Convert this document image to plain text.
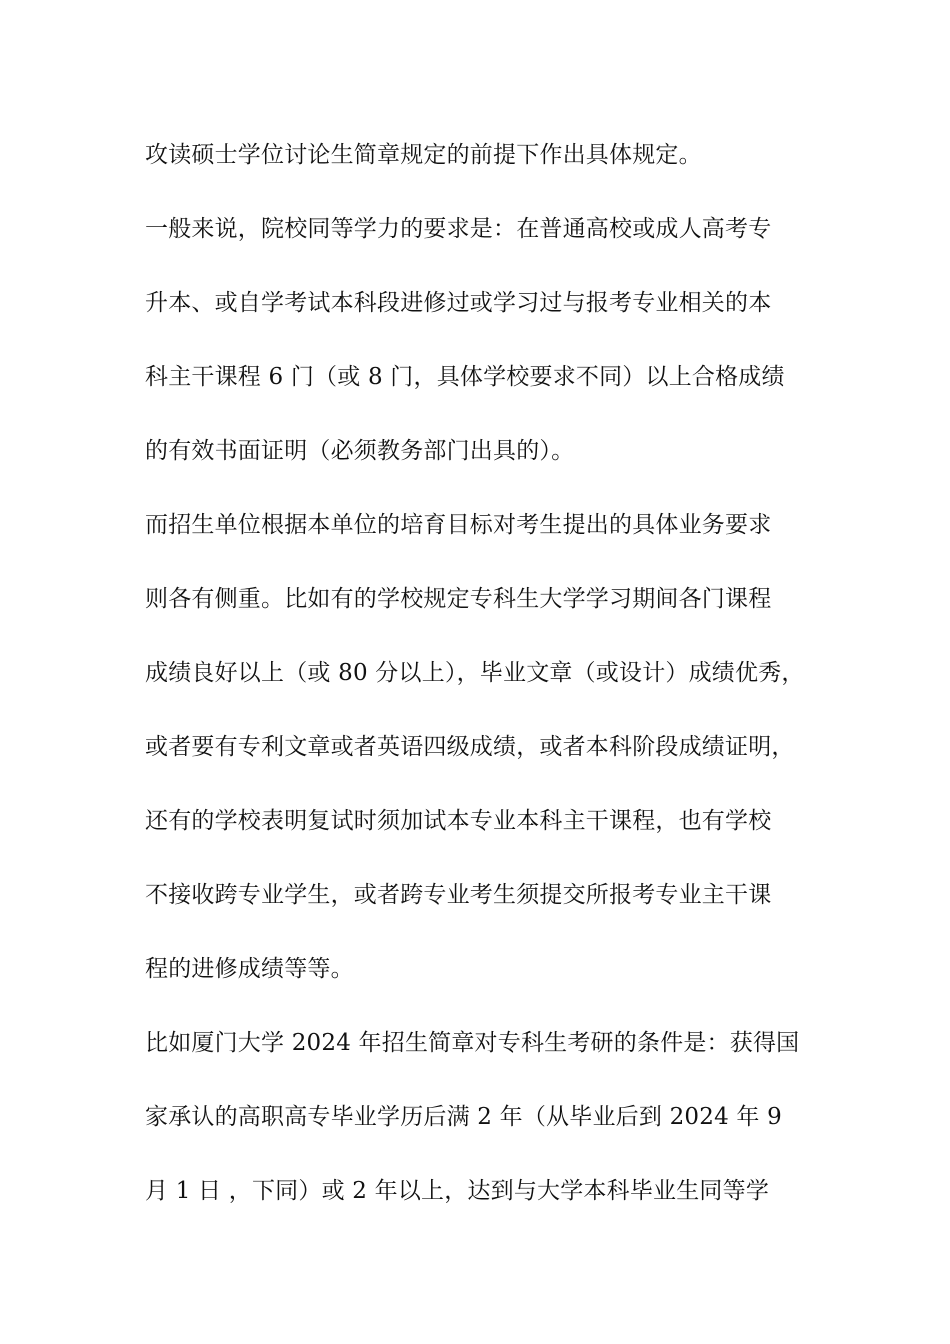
攻读硕士学位讨论生简章规定的前提下作出具体规定。
一般来说，院校同等学力的要求是：在普通高校或成人高考专
升本、或自学考试本科段进修过或学习过与报考专业相关的本
科主干课程 6 门（或 8 门，具体学校要求不同）以上合格成绩
的有效书面证明（必须教务部门出具的）。
而招生单位根据本单位的培育目标对考生提出的具体业务要求
则各有侧重。比如有的学校规定专科生大学学习期间各门课程
成绩良好以上（或 80 分以上），毕业文章（或设计）成绩优秀，
或者要有专利文章或者英语四级成绩，或者本科阶段成绩证明，
还有的学校表明复试时须加试本专业本科主干课程，也有学校
不接收跨专业学生，或者跨专业考生须提交所报考专业主干课
程的进修成绩等等。
比如厦门大学 2024 年招生简章对专科生考研的条件是：获得国
家承认的高职高专毕业学历后满 2 年（从毕业后到 2024 年 9
月 1 日 ，下同）或 2 年以上，达到与大学本科毕业生同等学
